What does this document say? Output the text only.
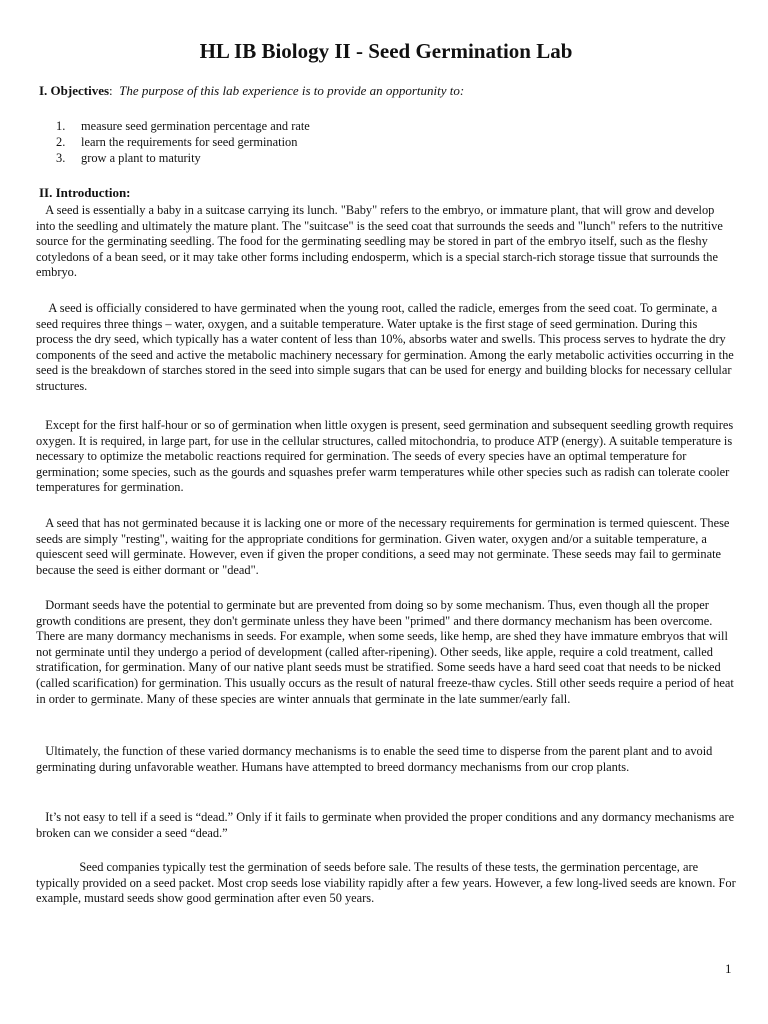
HL IB Biology II - Seed Germination Lab
I. Objectives:  The purpose of this lab experience is to provide an opportunity to:
1.	measure seed germination percentage and rate
2.	learn the requirements for seed germination
3.	grow a plant to maturity
II. Introduction:

A seed is essentially a baby in a suitcase carrying its lunch. "Baby" refers to the embryo, or immature plant, that will grow and develop into the seedling and ultimately the mature plant. The "suitcase" is the seed coat that surrounds the seeds and "lunch" refers to the nutritive source for the germinating seedling. The food for the germinating seedling may be stored in part of the embryo itself, such as the fleshy cotyledons of a bean seed, or it may take other forms including endosperm, which is a special starch-rich storage tissue that surrounds the embryo.

A seed is officially considered to have germinated when the young root, called the radicle, emerges from the seed coat. To germinate, a seed requires three things – water, oxygen, and a suitable temperature. Water uptake is the first stage of seed germination. During this process the dry seed, which typically has a water content of less than 10%, absorbs water and swells. This process serves to hydrate the dry components of the seed and active the metabolic machinery necessary for germination. Among the early metabolic activities occurring in the seed is the breakdown of starches stored in the seed into simple sugars that can be used for energy and building blocks for necessary cellular structures.

Except for the first half-hour or so of germination when little oxygen is present, seed germination and subsequent seedling growth requires oxygen. It is required, in large part, for use in the cellular structures, called mitochondria, to produce ATP (energy). A suitable temperature is necessary to optimize the metabolic reactions required for germination. The seeds of every species have an optimal temperature for germination; some species, such as the gourds and squashes prefer warm temperatures while other species such as radish can tolerate cooler temperatures for germination.

A seed that has not germinated because it is lacking one or more of the necessary requirements for germination is termed quiescent. These seeds are simply "resting", waiting for the appropriate conditions for germination. Given water, oxygen and/or a suitable temperature, a quiescent seed will germinate. However, even if given the proper conditions, a seed may not germinate. These seeds may fail to germinate because the seed is either dormant or "dead".

Dormant seeds have the potential to germinate but are prevented from doing so by some mechanism. Thus, even though all the proper growth conditions are present, they don't germinate unless they have been "primed" and there dormancy mechanism has been overcome. There are many dormancy mechanisms in seeds. For example, when some seeds, like hemp, are shed they have immature embryos that will not germinate until they undergo a period of development (called after-ripening). Other seeds, like apple, require a cold treatment, called stratification, for germination. Many of our native plant seeds must be stratified. Some seeds have a hard seed coat that needs to be nicked (called scarification) for germination. This usually occurs as the result of natural freeze-thaw cycles. Still other seeds require a period of heat in order to germinate. Many of these species are winter annuals that germinate in the late summer/early fall.

Ultimately, the function of these varied dormancy mechanisms is to enable the seed time to disperse from the parent plant and to avoid germinating during unfavorable weather. Humans have attempted to breed dormancy mechanisms from our crop plants.

It’s not easy to tell if a seed is “dead.” Only if it fails to germinate when provided the proper conditions and any dormancy mechanisms are broken can we consider a seed “dead.”

Seed companies typically test the germination of seeds before sale. The results of these tests, the germination percentage, are typically provided on a seed packet. Most crop seeds lose viability rapidly after a few years. However, a few long-lived seeds are known. For example, mustard seeds show good germination after even 50 years.

1
